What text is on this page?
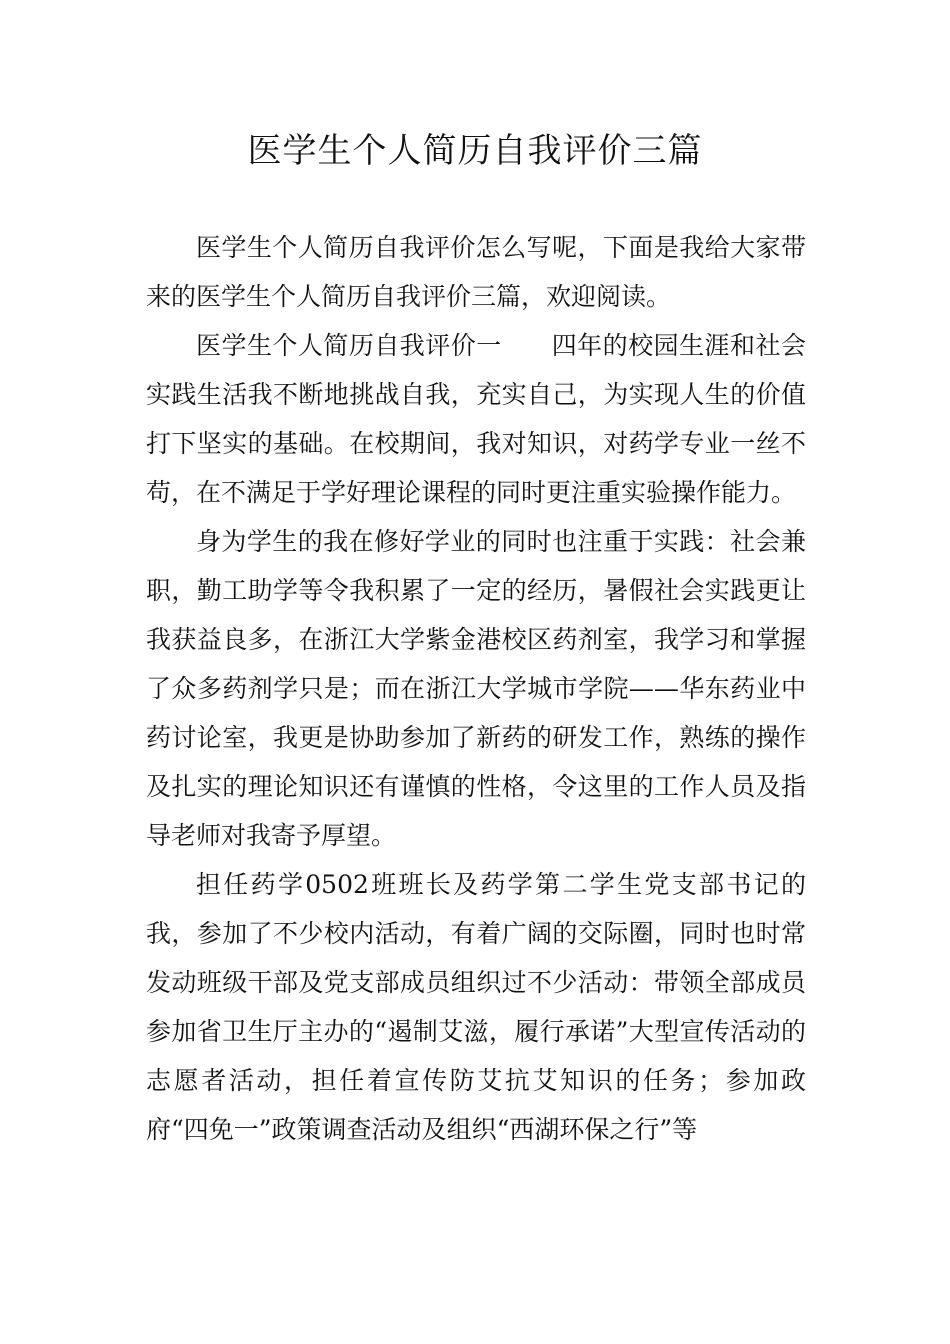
医学生个人简历自我评价三篇

医学生个人简历自我评价怎么写呢，下面是我给大家带来的医学生个人简历自我评价三篇，欢迎阅读。

医学生个人简历自我评价一 四年的校园生涯和社会实践生活我不断地挑战自我，充实自己，为实现人生的价值打下坚实的基础。在校期间，我对知识，对药学专业一丝不苟，在不满足于学好理论课程的同时更注重实验操作能力。

身为学生的我在修好学业的同时也注重于实践：社会兼职，勤工助学等令我积累了一定的经历，暑假社会实践更让我获益良多，在浙江大学紫金港校区药剂室，我学习和掌握了众多药剂学只是；而在浙江大学城市学院——华东药业中药讨论室，我更是协助参加了新药的研发工作，熟练的操作及扎实的理论知识还有谨慎的性格，令这里的工作人员及指导老师对我寄予厚望。

担任药学0502班班长及药学第二学生党支部书记的我，参加了不少校内活动，有着广阔的交际圈，同时也时常发动班级干部及党支部成员组织过不少活动：带领全部成员参加省卫生厅主办的“遏制艾滋，履行承诺”大型宣传活动的志愿者活动，担任着宣传防艾抗艾知识的任务；参加政府“四免一”政策调查活动及组织“西湖环保之行”等
